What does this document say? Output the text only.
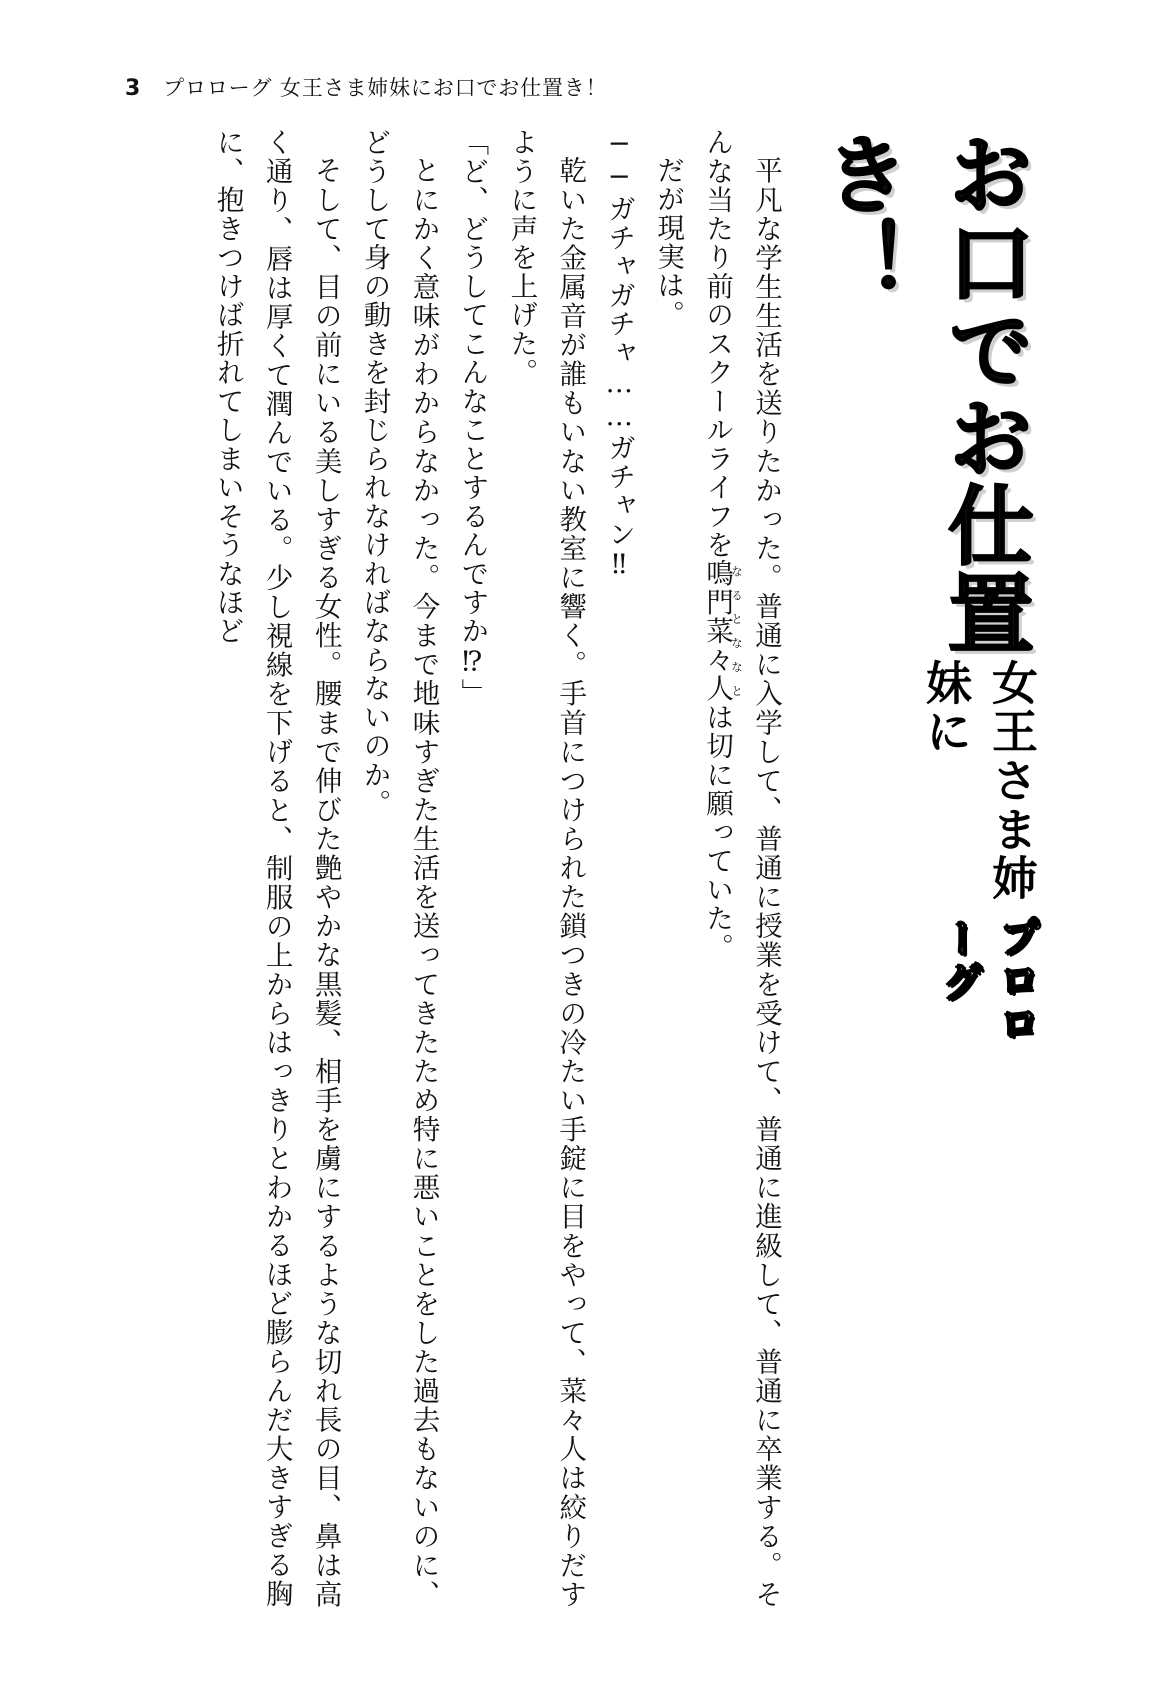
3 プロローグ 女王さま姉妹にお口でお仕置き！
お口でお仕置き！
女王さま姉妹に
プロローグ

平凡な学生生活を送りたかった。普通に入学して、普通に授業を受けて、普通に進級して、普通に卒業する。そんな当たり前のスクールライフを鳴門菜々人なるとななとは切に願っていた。

だが現実は。

──ガチャガチャ……ガチャン‼

乾いた金属音が誰もいない教室に響く。手首につけられた鎖つきの冷たい手錠に目をやって、菜々人は絞りだすように声を上げた。

「ど、どうしてこんなことするんですか⁉」

とにかく意味がわからなかった。今まで地味すぎた生活を送ってきたため特に悪いことをした過去もないのに、どうして身の動きを封じられなければならないのか。

そして、目の前にいる美しすぎる女性。腰まで伸びた艶やかな黒髪、相手を虜にするような切れ長の目、鼻は高く通り、唇は厚くて潤んでいる。少し視線を下げると、制服の上からはっきりとわかるほど膨らんだ大きすぎる胸に、抱きつけば折れてしまいそうなほど
